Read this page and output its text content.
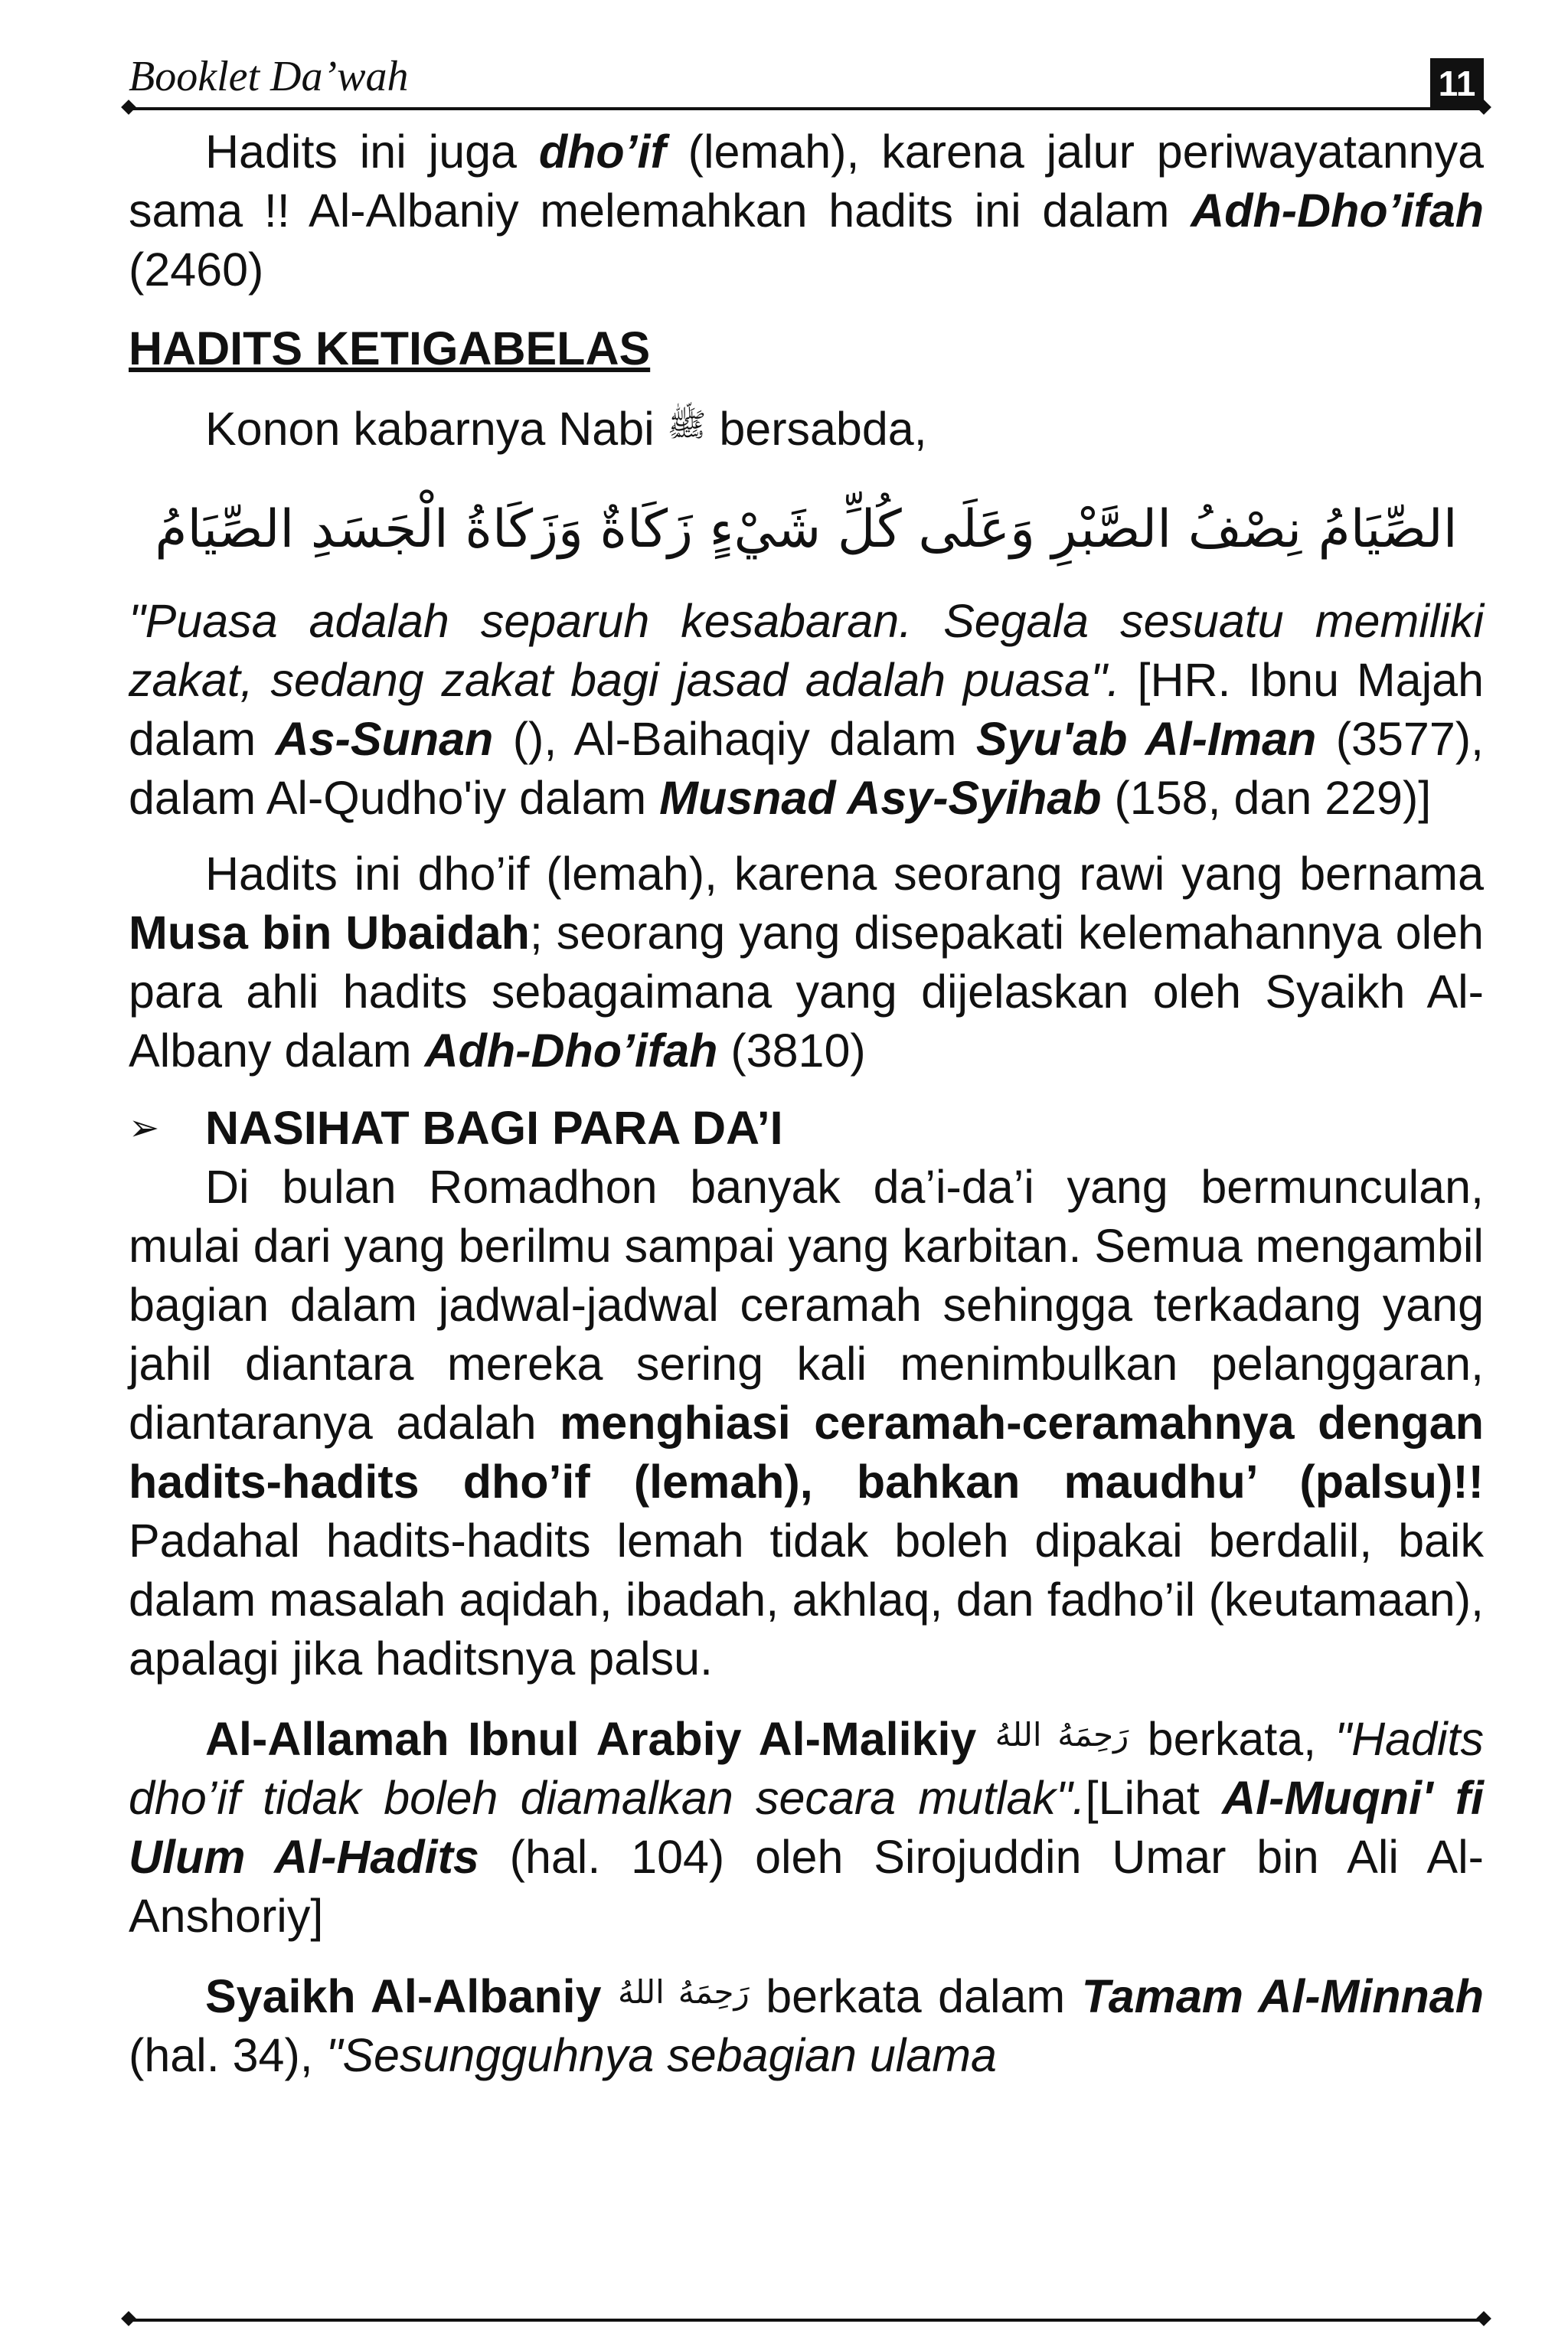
Booklet Da’wah	11

Hadits ini juga dho’if (lemah), karena jalur periwayatannya sama !! Al-Albaniy melemahkan hadits ini dalam Adh-Dho’ifah (2460)

HADITS KETIGABELAS

Konon kabarnya Nabi ﷺ bersabda,

الصِّيَامُ نِصْفُ الصَّبْرِ وَعَلَى كُلِّ شَيْءٍ زَكَاةٌ وَزَكَاةُ الْجَسَدِ الصِّيَامُ

"Puasa adalah separuh kesabaran. Segala sesuatu memiliki zakat, sedang zakat bagi jasad adalah puasa". [HR. Ibnu Majah dalam As-Sunan (), Al-Baihaqiy dalam Syu'ab Al-Iman (3577), dalam Al-Qudho'iy dalam Musnad Asy-Syihab (158, dan 229)]

Hadits ini dho’if (lemah), karena seorang rawi yang bernama Musa bin Ubaidah; seorang yang disepakati kelemahannya oleh para ahli hadits sebagaimana yang dijelaskan oleh Syaikh Al-Albany dalam Adh-Dho’ifah (3810)

➢ NASIHAT BAGI PARA DA’I

Di bulan Romadhon banyak da’i-da’i yang bermunculan, mulai dari yang berilmu sampai yang karbitan. Semua mengambil bagian dalam jadwal-jadwal ceramah sehingga terkadang yang jahil diantara mereka sering kali menimbulkan pelanggaran, diantaranya adalah menghiasi ceramah-ceramahnya dengan hadits-hadits dho’if (lemah), bahkan maudhu’ (palsu)!! Padahal hadits-hadits lemah tidak boleh dipakai berdalil, baik dalam masalah aqidah, ibadah, akhlaq, dan fadho’il (keutamaan), apalagi jika haditsnya palsu.

Al-Allamah Ibnul Arabiy Al-Malikiy رَحِمَهُ اللهُ berkata, "Hadits dho’if tidak boleh diamalkan secara mutlak".[Lihat Al-Muqni' fi Ulum Al-Hadits (hal. 104) oleh Sirojuddin Umar bin Ali Al-Anshoriy]

Syaikh Al-Albaniy رَحِمَهُ اللهُ berkata dalam Tamam Al-Minnah (hal. 34), "Sesungguhnya sebagian ulama
